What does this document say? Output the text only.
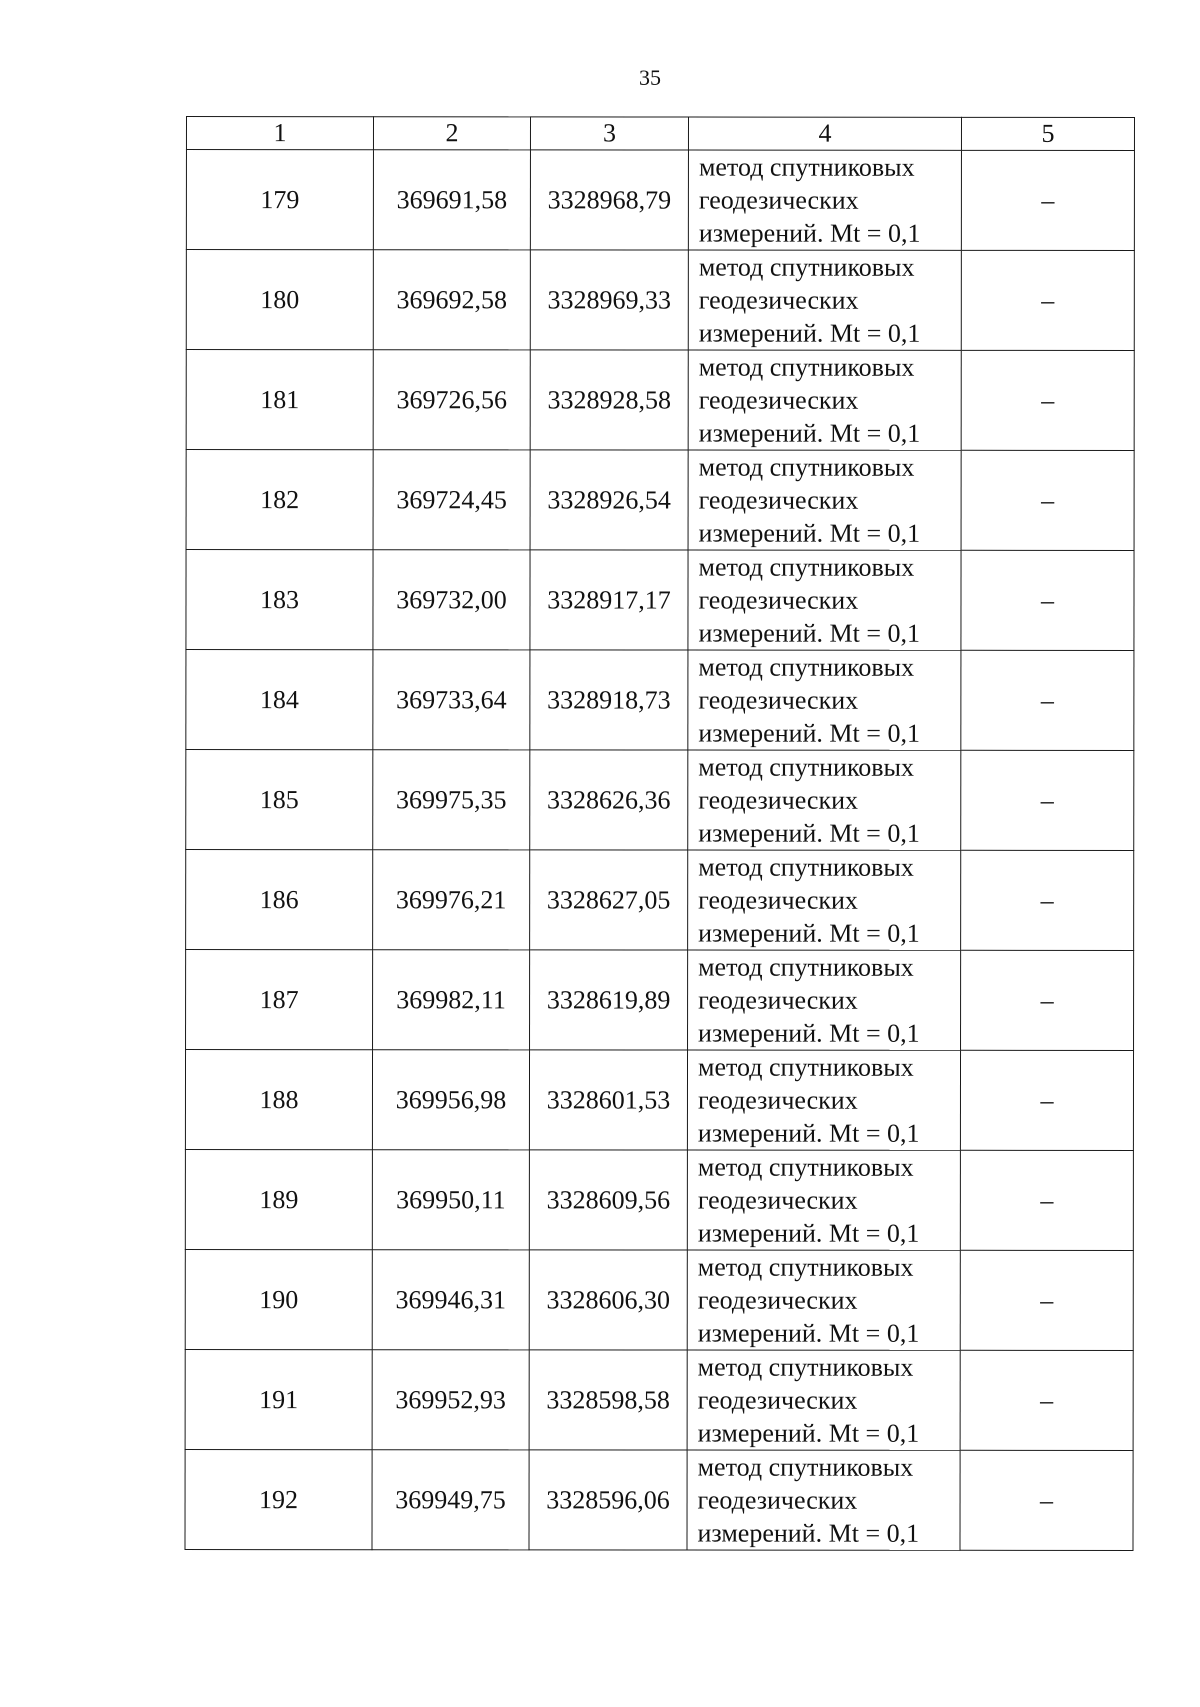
35
1	2	3	4	5
179	369691,58	3328968,79	метод спутниковых
геодезических
измерений. Mt = 0,1	–
180	369692,58	3328969,33	метод спутниковых
геодезических
измерений. Mt = 0,1	–
181	369726,56	3328928,58	метод спутниковых
геодезических
измерений. Mt = 0,1	–
182	369724,45	3328926,54	метод спутниковых
геодезических
измерений. Mt = 0,1	–
183	369732,00	3328917,17	метод спутниковых
геодезических
измерений. Mt = 0,1	–
184	369733,64	3328918,73	метод спутниковых
геодезических
измерений. Mt = 0,1	–
185	369975,35	3328626,36	метод спутниковых
геодезических
измерений. Mt = 0,1	–
186	369976,21	3328627,05	метод спутниковых
геодезических
измерений. Mt = 0,1	–
187	369982,11	3328619,89	метод спутниковых
геодезических
измерений. Mt = 0,1	–
188	369956,98	3328601,53	метод спутниковых
геодезических
измерений. Mt = 0,1	–
189	369950,11	3328609,56	метод спутниковых
геодезических
измерений. Mt = 0,1	–
190	369946,31	3328606,30	метод спутниковых
геодезических
измерений. Mt = 0,1	–
191	369952,93	3328598,58	метод спутниковых
геодезических
измерений. Mt = 0,1	–
192	369949,75	3328596,06	метод спутниковых
геодезических
измерений. Mt = 0,1	–
